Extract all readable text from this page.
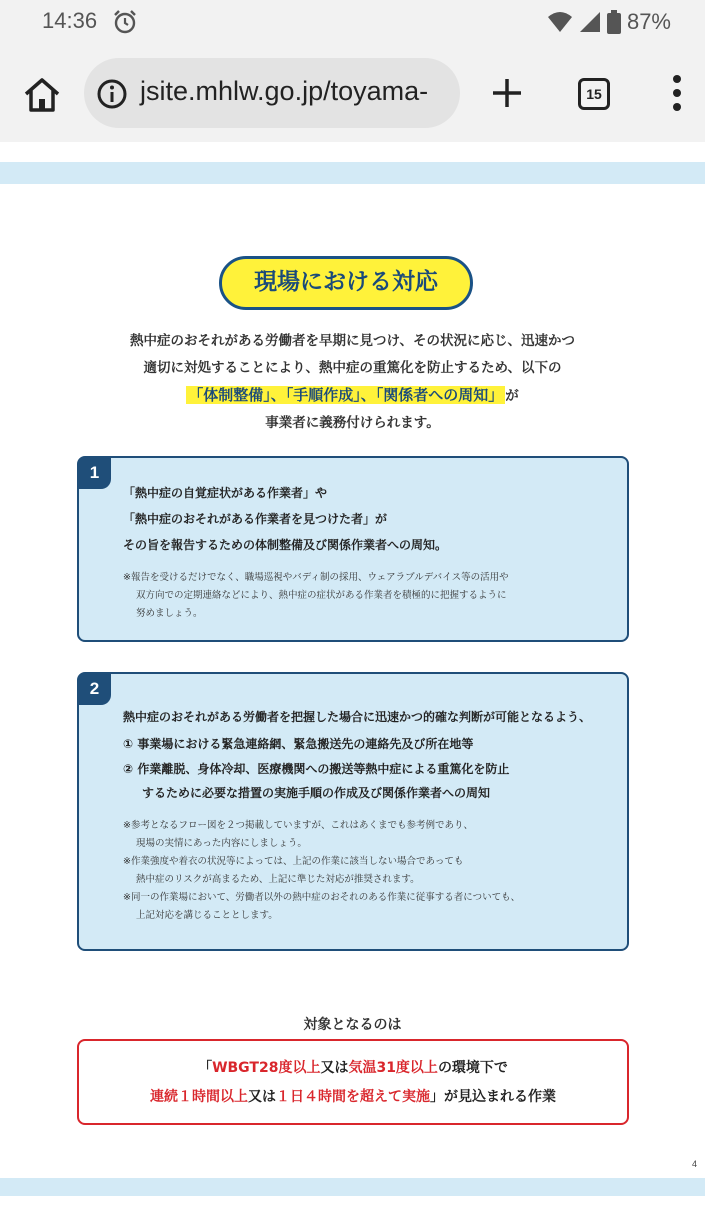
14:36	87%
jsite.mhlw.go.jp/toyama-	15
現場における対応
熱中症のおそれがある労働者を早期に見つけ、その状況に応じ、迅速かつ
適切に対処することにより、熱中症の重篤化を防止するため、以下の
「体制整備」、「手順作成」、「関係者への周知」 が
事業者に義務付けられます。
1
「熱中症の自覚症状がある作業者」や
「熱中症のおそれがある作業者を見つけた者」が
その旨を報告するための体制整備及び関係作業者への周知。
※報告を受けるだけでなく、職場巡視やバディ制の採用、ウェアラブルデバイス等の活用や
双方向での定期連絡などにより、熱中症の症状がある作業者を積極的に把握するように
努めましょう。
2
熱中症のおそれがある労働者を把握した場合に迅速かつ的確な判断が可能となるよう、
① 事業場における緊急連絡網、緊急搬送先の連絡先及び所在地等
② 作業離脱、身体冷却、医療機関への搬送等熱中症による重篤化を防止
するために必要な措置の実施手順の作成及び関係作業者への周知
※参考となるフロー図を２つ掲載していますが、これはあくまでも参考例であり、
現場の実情にあった内容にしましょう。
※作業強度や着衣の状況等によっては、上記の作業に該当しない場合であっても
熱中症のリスクが高まるため、上記に準じた対応が推奨されます。
※同一の作業場において、労働者以外の熱中症のおそれのある作業に従事する者についても、
上記対応を講じることとします。
対象となるのは
「WBGT28度以上又は気温31度以上の環境下で
連続１時間以上又は１日４時間を超えて実施」が見込まれる作業
4
